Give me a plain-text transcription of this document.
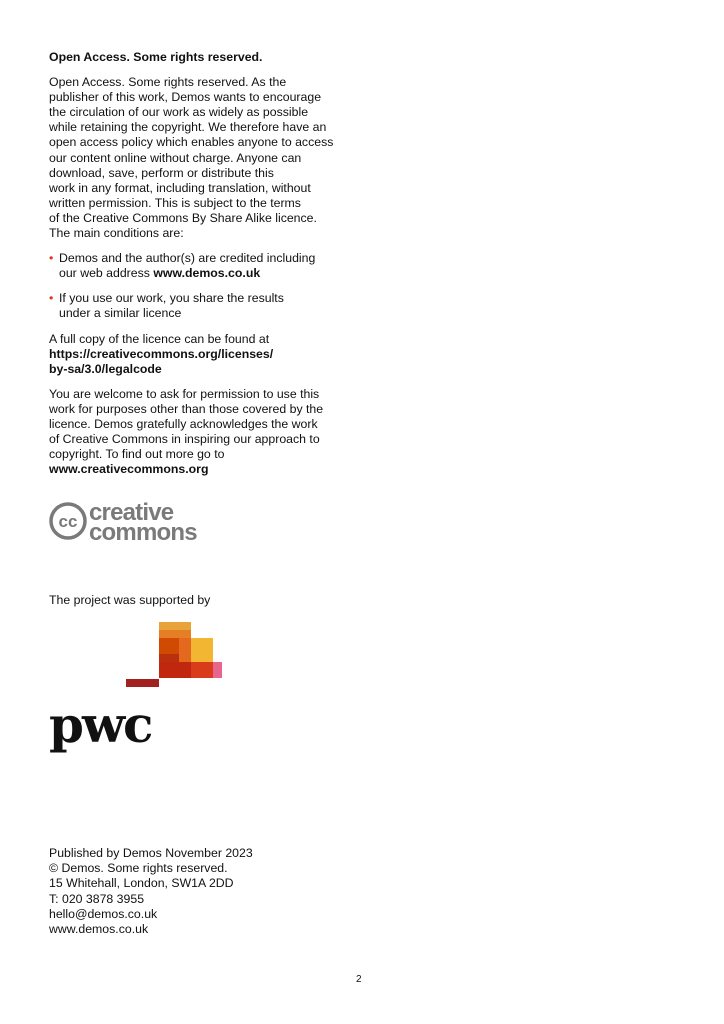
Open Access. Some rights reserved.

Open Access. Some rights reserved. As the
publisher of this work, Demos wants to encourage
the circulation of our work as widely as possible
while retaining the copyright. We therefore have an
open access policy which enables anyone to access
our content online without charge. Anyone can
download, save, perform or distribute this
work in any format, including translation, without
written permission. This is subject to the terms
of the Creative Commons By Share Alike licence.
The main conditions are:

• Demos and the author(s) are credited including
our web address www.demos.co.uk
• If you use our work, you share the results
under a similar licence

A full copy of the licence can be found at
https://creativecommons.org/licenses/
by-sa/3.0/legalcode

You are welcome to ask for permission to use this
work for purposes other than those covered by the
licence. Demos gratefully acknowledges the work
of Creative Commons in inspiring our approach to
copyright. To find out more go to
www.creativecommons.org

cc creative
commons
The project was supported by
pwc
Published by Demos November 2023
© Demos. Some rights reserved.
15 Whitehall, London, SW1A 2DD
T: 020 3878 3955
hello@demos.co.uk
www.demos.co.uk
2
